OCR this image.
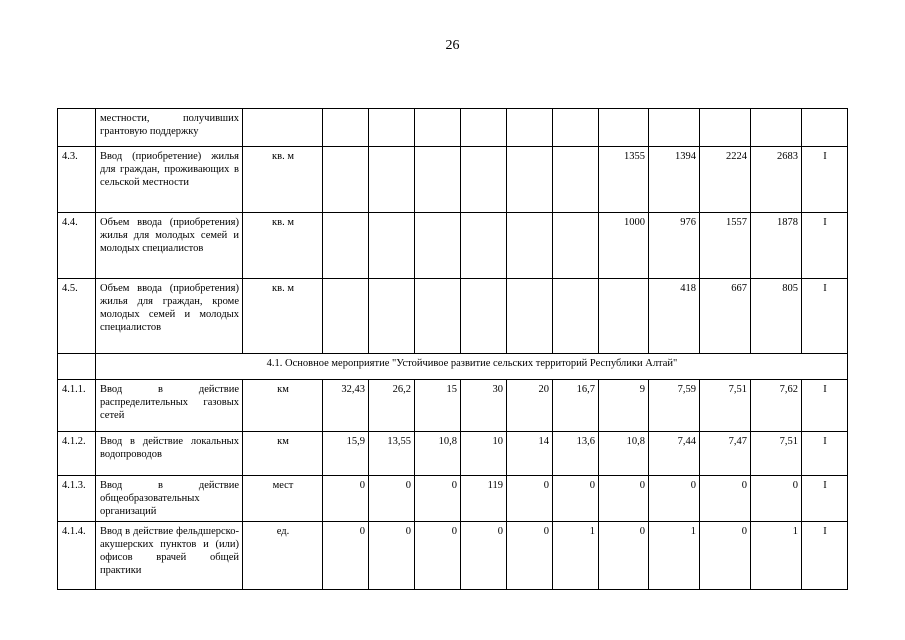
26
	местности, получивших грантовую поддержку												
4.3.	Ввод (приобретение) жилья для граждан, проживающих в сельской местности	кв. м							1355	1394	2224	2683	I
4.4.	Объем ввода (приобретения) жилья для молодых семей и молодых специалистов	кв. м							1000	976	1557	1878	I
4.5.	Объем ввода (приобретения) жилья для граждан, кроме молодых семей и молодых специалистов	кв. м								418	667	805	I
	4.1. Основное мероприятие "Устойчивое развитие сельских территорий Республики Алтай"												
4.1.1.	Ввод в действие распределительных газовых сетей	км	32,43	26,2	15	30	20	16,7	9	7,59	7,51	7,62	I
4.1.2.	Ввод в действие локальных водопроводов	км	15,9	13,55	10,8	10	14	13,6	10,8	7,44	7,47	7,51	I
4.1.3.	Ввод в действие общеобразовательных организаций	мест	0	0	0	119	0	0	0	0	0	0	I
4.1.4.	Ввод в действие фельдшерско-акушерских пунктов и (или) офисов врачей общей практики	ед.	0	0	0	0	0	1	0	1	0	1	I
